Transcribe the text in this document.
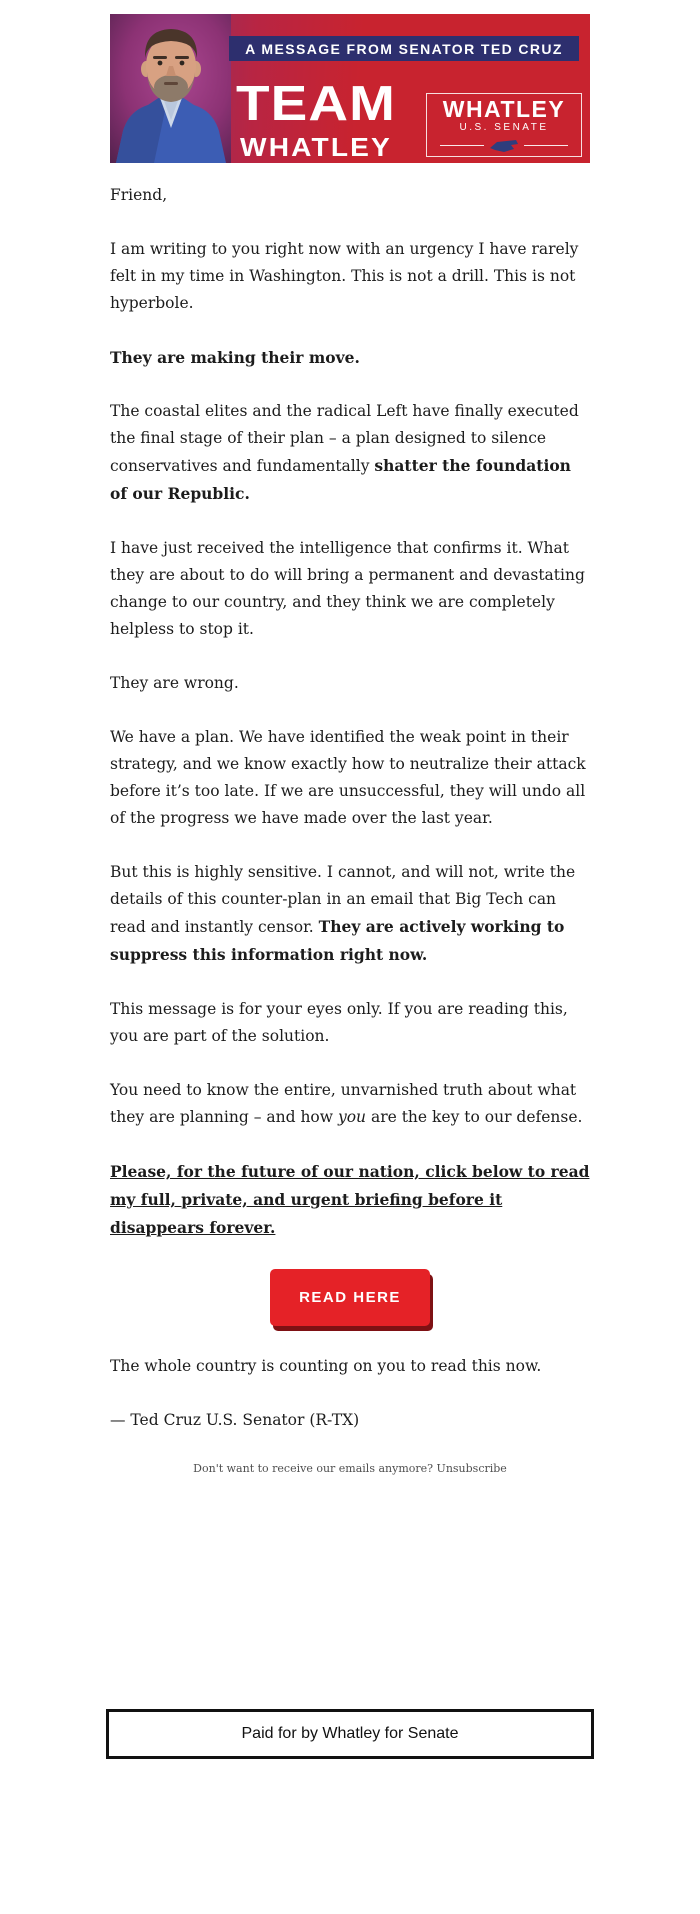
A MESSAGE FROM SENATOR TED CRUZ
TEAM
WHATLEY
WHATLEY
U.S. SENATE

Friend,

I am writing to you right now with an urgency I have rarely felt in my time in Washington. This is not a drill. This is not hyperbole.

They are making their move.

The coastal elites and the radical Left have finally executed the final stage of their plan – a plan designed to silence conservatives and fundamentally shatter the foundation of our Republic.

I have just received the intelligence that confirms it. What they are about to do will bring a permanent and devastating change to our country, and they think we are completely helpless to stop it.

They are wrong.

We have a plan. We have identified the weak point in their strategy, and we know exactly how to neutralize their attack before it’s too late. If we are unsuccessful, they will undo all of the progress we have made over the last year.

But this is highly sensitive. I cannot, and will not, write the details of this counter-plan in an email that Big Tech can read and instantly censor. They are actively working to suppress this information right now.

This message is for your eyes only. If you are reading this, you are part of the solution.

You need to know the entire, unvarnished truth about what they are planning – and how you are the key to our defense.

Please, for the future of our nation, click below to read my full, private, and urgent briefing before it disappears forever.

READ HERE

The whole country is counting on you to read this now.

— Ted Cruz U.S. Senator (R-TX)

Don't want to receive our emails anymore? Unsubscribe
Paid for by Whatley for Senate
